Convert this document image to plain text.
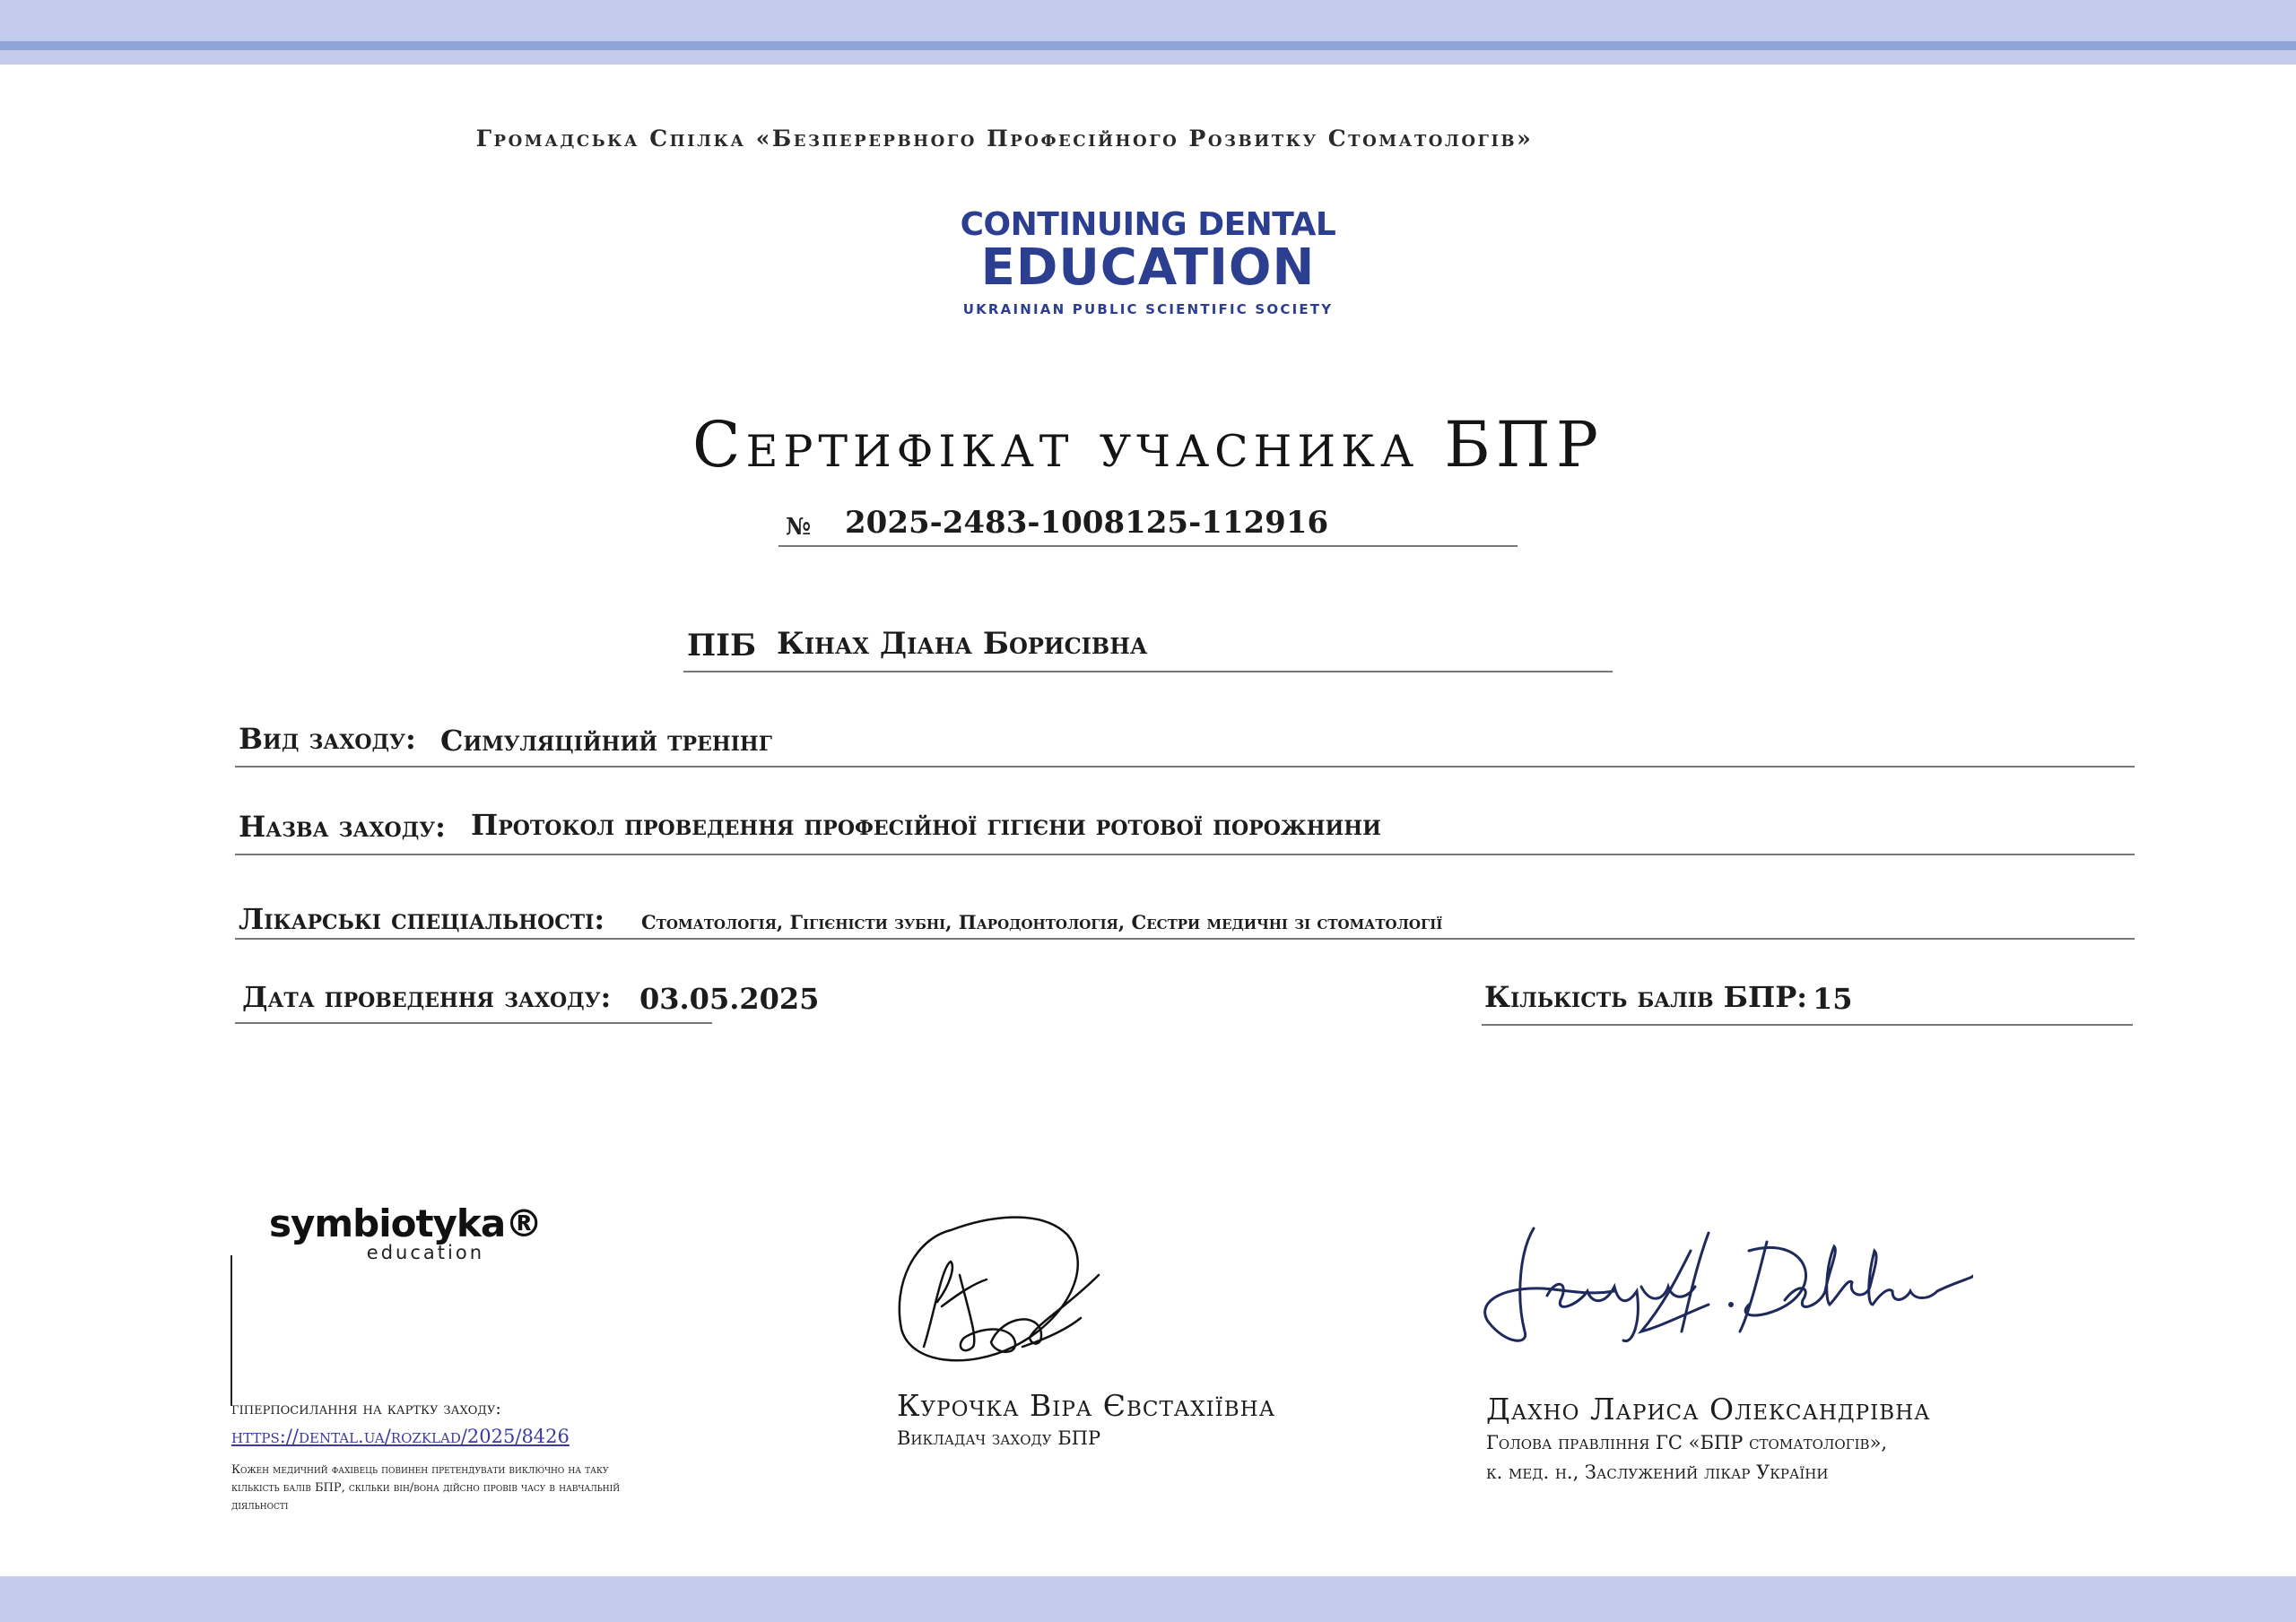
Громадська Спілка «Безперервного Професійного Розвитку Стоматологів»
CONTINUING DENTAL
EDUCATION
UKRAINIAN PUBLIC SCIENTIFIC SOCIETY
Сертифікат учасника БПР
№ 2025-2483-1008125-112916
ПІБ Кінах Діана Борисівна
Вид заходу: Симуляційний тренінг
Назва заходу: Протокол проведення професійної гігієни ротової порожнини
Лікарські спеціальності: Стоматологія, Гігієністи зубні, Пародонтологія, Сестри медичні зі стоматології
Дата проведення заходу: 03.05.2025	Кількість балів БПР: 15
symbiotyka®
education
гіперпосилання на картку заходу:
https://dental.ua/rozklad/2025/8426
Кожен медичний фахівець повинен претендувати виключно на таку кількість балів БПР, скільки він/вона дійсно провів часу в навчальній діяльності
Курочка Віра Євстахіївна
Викладач заходу БПР
Дахно Лариса Олександрівна
Голова правління ГС «БПР стоматологів»,
к. мед. н., Заслужений лікар України
